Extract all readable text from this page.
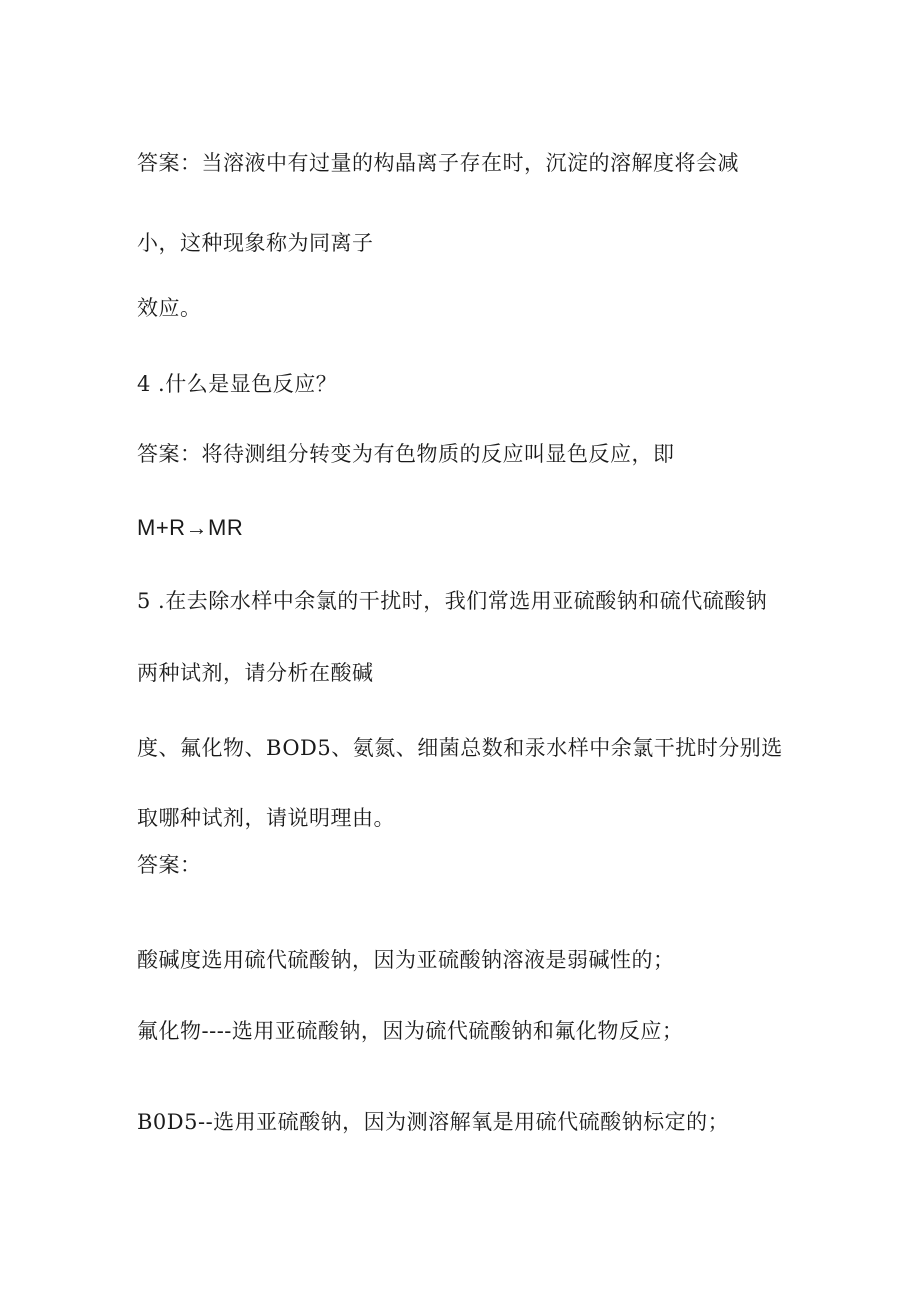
答案：当溶液中有过量的构晶离子存在时，沉淀的溶解度将会减
小，这种现象称为同离子
效应。
4 .什么是显色反应？
答案：将待测组分转变为有色物质的反应叫显色反应，即
M+R→MR
5 .在去除水样中余氯的干扰时，我们常选用亚硫酸钠和硫代硫酸钠
两种试剂，请分析在酸碱
度、氟化物、BOD5、氨氮、细菌总数和汞水样中余氯干扰时分别选
取哪种试剂，请说明理由。
答案：
酸碱度选用硫代硫酸钠，因为亚硫酸钠溶液是弱碱性的；
氟化物----选用亚硫酸钠，因为硫代硫酸钠和氟化物反应；
B0D5--选用亚硫酸钠，因为测溶解氧是用硫代硫酸钠标定的；
